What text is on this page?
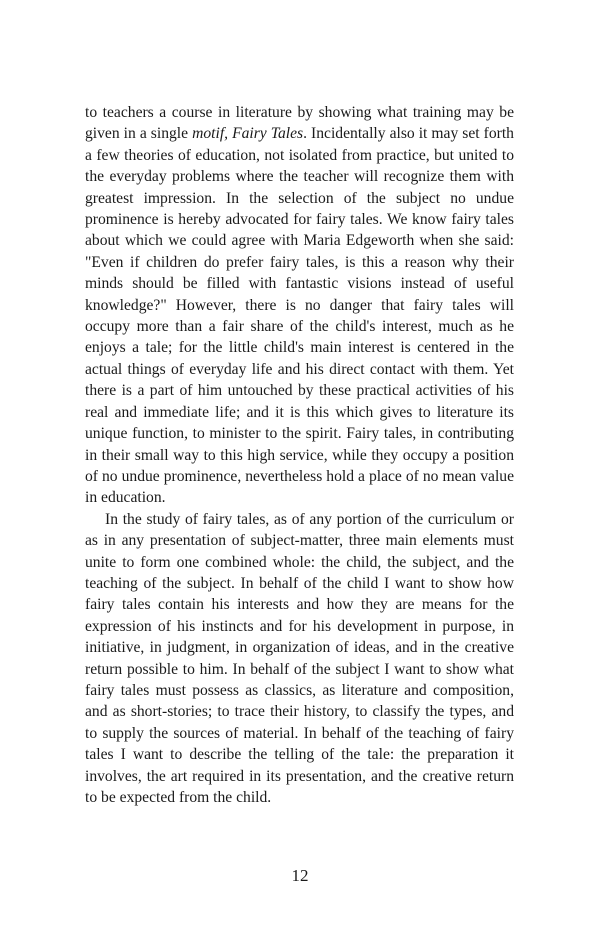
to teachers a course in literature by showing what training may be given in a single motif, Fairy Tales. Incidentally also it may set forth a few theories of education, not isolated from practice, but united to the everyday problems where the teacher will recognize them with greatest impression. In the selection of the subject no undue prominence is hereby advocated for fairy tales. We know fairy tales about which we could agree with Maria Edgeworth when she said: "Even if children do prefer fairy tales, is this a reason why their minds should be filled with fantastic visions instead of useful knowledge?" However, there is no danger that fairy tales will occupy more than a fair share of the child's interest, much as he enjoys a tale; for the little child's main interest is centered in the actual things of everyday life and his direct contact with them. Yet there is a part of him untouched by these practical activities of his real and immediate life; and it is this which gives to literature its unique function, to minister to the spirit. Fairy tales, in contributing in their small way to this high service, while they occupy a position of no undue prominence, nevertheless hold a place of no mean value in education.

In the study of fairy tales, as of any portion of the curriculum or as in any presentation of subject-matter, three main elements must unite to form one combined whole: the child, the subject, and the teaching of the subject. In behalf of the child I want to show how fairy tales contain his interests and how they are means for the expression of his instincts and for his development in purpose, in initiative, in judgment, in organization of ideas, and in the creative return possible to him. In behalf of the subject I want to show what fairy tales must possess as classics, as literature and composition, and as short-stories; to trace their history, to classify the types, and to supply the sources of material. In behalf of the teaching of fairy tales I want to describe the telling of the tale: the preparation it involves, the art required in its presentation, and the creative return to be expected from the child.

12
